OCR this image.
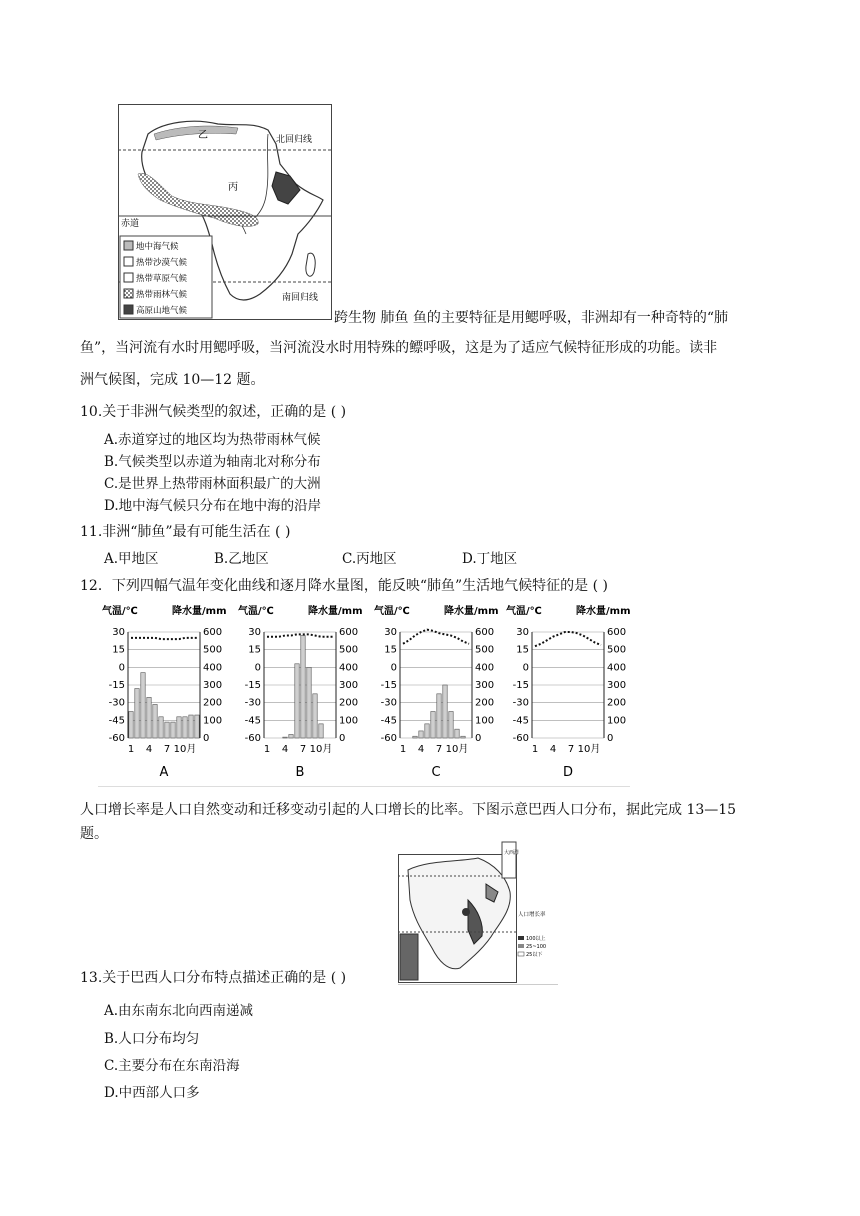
乙
丙
北回归线
赤道
南回归线
地中海气候
热带沙漠气候
热带草原气候
热带雨林气候
高原山地气候	跨生物 肺鱼 鱼的主要特征是用鳃呼吸，非洲却有一种奇特的“肺
鱼”，当河流有水时用鳃呼吸，当河流没水时用特殊的鳔呼吸，这是为了适应气候特征形成的功能。读非
洲气候图，完成 10—12 题。
10.关于非洲气候类型的叙述，正确的是 ( )
A.赤道穿过的地区均为热带雨林气候
B.气候类型以赤道为轴南北对称分布
C.是世界上热带雨林面积最广的大洲
D.地中海气候只分布在地中海的沿岸
11.非洲“肺鱼”最有可能生活在 ( )
A.甲地区	B.乙地区	C.丙地区	D.丁地区
12．下列四幅气温年变化曲线和逐月降水量图，能反映“肺鱼”生活地气候特征的是 ( )
气温/℃	降水量/mm
30	600
15	500
0	400
-15	300
-30	200
-45	100
-60	0
1 4 7 10月
A
气温/℃	降水量/mm
30	600
15	500
0	400
-15	300
-30	200
-45	100
-60	0
1 4 7 10月
B
气温/℃	降水量/mm
30	600
15	500
0	400
-15	300
-30	200
-45	100
-60	0
1 4 7 10月
C
气温/℃	降水量/mm
30	600
15	500
0	400
-15	300
-30	200
-45	100
-60	0
1 4 7 10月
D
人口增长率是人口自然变动和迁移变动引起的人口增长的比率。下图示意巴西人口分布，据此完成 13—15
题。
大西洋
人口增长率
100以上
25~100
25以下
13.关于巴西人口分布特点描述正确的是 ( )
A.由东南东北向西南递减
B.人口分布均匀
C.主要分布在东南沿海
D.中西部人口多
